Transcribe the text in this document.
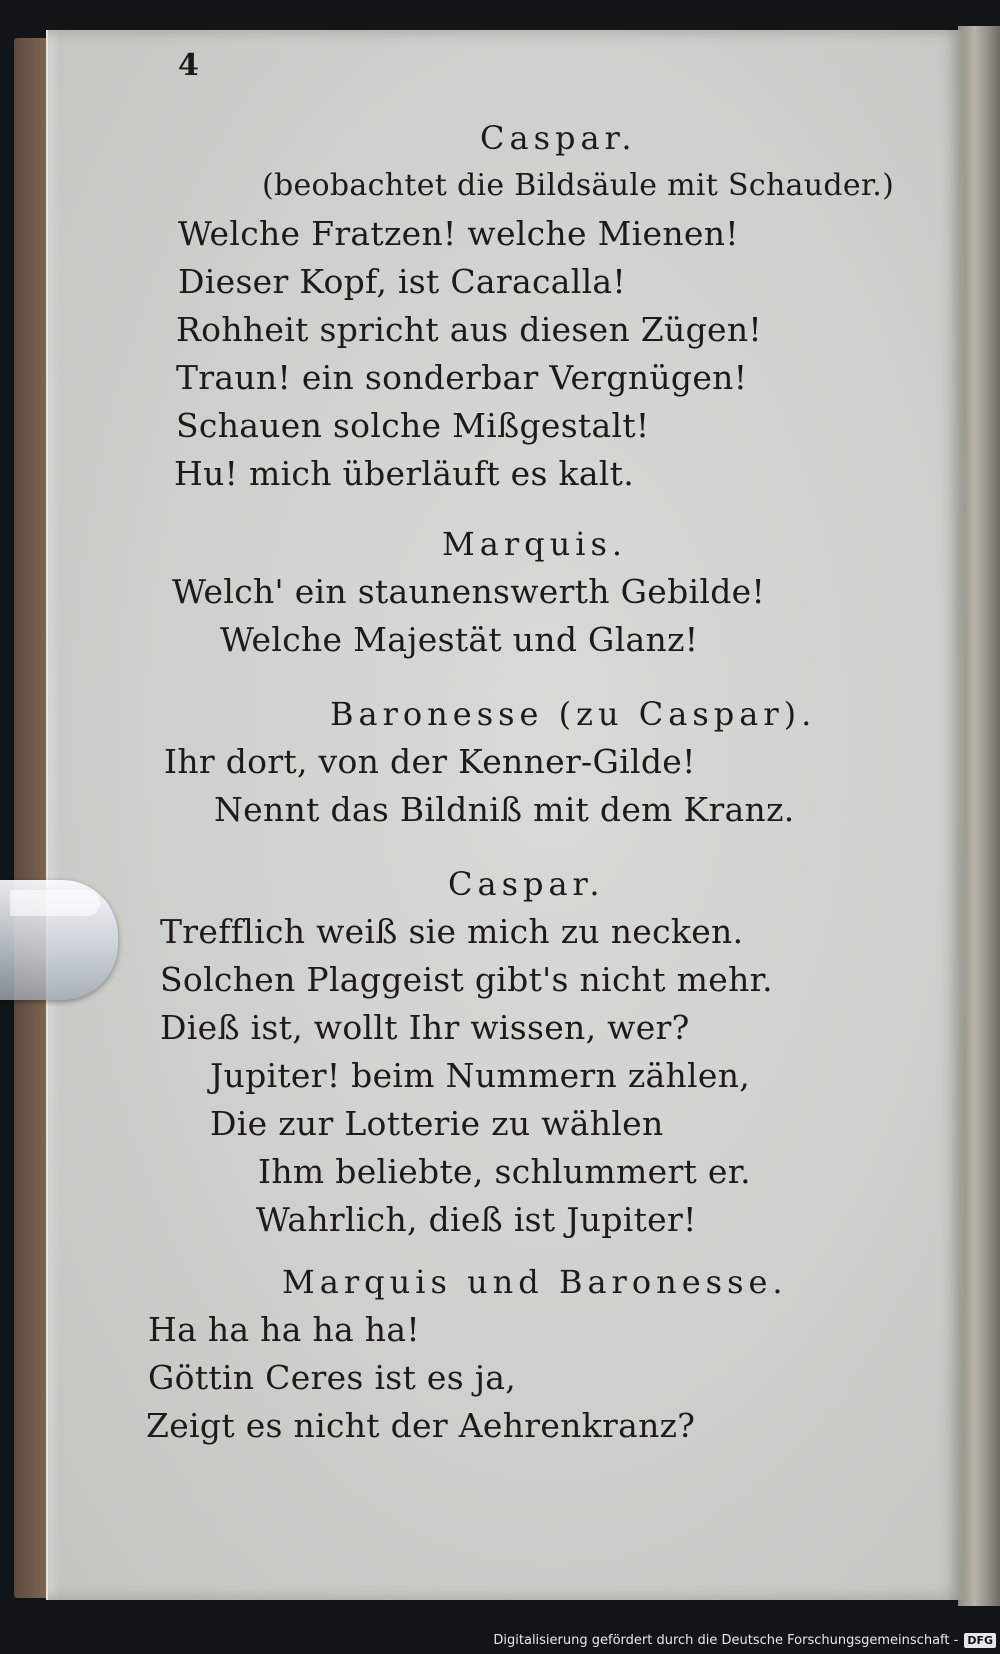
4
Caspar.
(beobachtet die Bildsäule mit Schauder.)
Welche Fratzen! welche Mienen!
Dieser Kopf, ist Caracalla!
Rohheit spricht aus diesen Zügen!
Traun! ein sonderbar Vergnügen!
Schauen solche Mißgestalt!
Hu! mich überläuft es kalt.
Marquis.
Welch' ein staunenswerth Gebilde!
Welche Majestät und Glanz!
Baronesse (zu Caspar).
Ihr dort, von der Kenner-Gilde!
Nennt das Bildniß mit dem Kranz.
Caspar.
Trefflich weiß sie mich zu necken.
Solchen Plaggeist gibt's nicht mehr.
Dieß ist, wollt Ihr wissen, wer?
Jupiter! beim Nummern zählen,
Die zur Lotterie zu wählen
Ihm beliebte, schlummert er.
Wahrlich, dieß ist Jupiter!
Marquis und Baronesse.
Ha ha ha ha ha!
Göttin Ceres ist es ja,
Zeigt es nicht der Aehrenkranz?
Digitalisierung gefördert durch die Deutsche Forschungsgemeinschaft - DFG
